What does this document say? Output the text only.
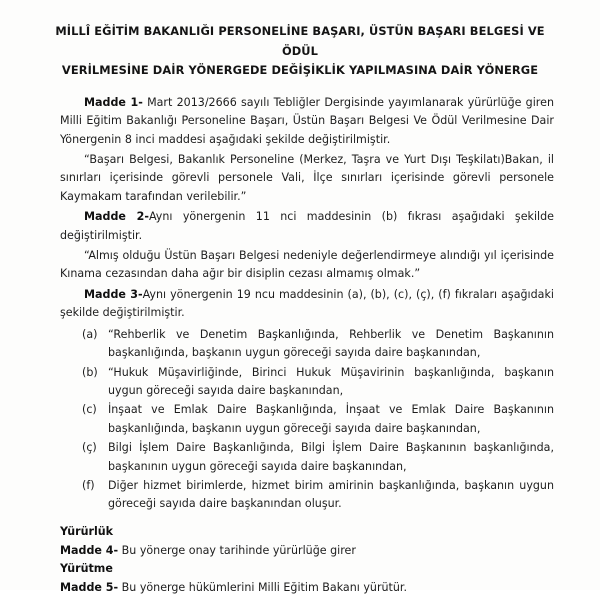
MİLLÎ EĞİTİM BAKANLIĞI PERSONELİNE BAŞARI, ÜSTÜN BAŞARI BELGESİ VE ÖDÜL
VERİLMESİNE DAİR YÖNERGEDE DEĞİŞİKLİK YAPILMASINA DAİR YÖNERGE

Madde 1- Mart 2013/2666 sayılı Tebliğler Dergisinde yayımlanarak yürürlüğe giren Milli Eğitim Bakanlığı Personeline Başarı, Üstün Başarı Belgesi Ve Ödül Verilmesine Dair Yönergenin 8 inci maddesi aşağıdaki şekilde değiştirilmiştir.

“Başarı Belgesi, Bakanlık Personeline (Merkez, Taşra ve Yurt Dışı Teşkilatı)Bakan, il sınırları içerisinde görevli personele Vali, İlçe sınırları içerisinde görevli personele Kaymakam tarafından verilebilir.”

Madde 2-Aynı yönergenin 11 nci maddesinin (b) fıkrası aşağıdaki şekilde değiştirilmiştir.

“Almış olduğu Üstün Başarı Belgesi nedeniyle değerlendirmeye alındığı yıl içerisinde Kınama cezasından daha ağır bir disiplin cezası almamış olmak.”

Madde 3-Aynı yönergenin 19 ncu maddesinin (a), (b), (c), (ç), (f) fıkraları aşağıdaki şekilde değiştirilmiştir.

(a) “Rehberlik ve Denetim Başkanlığında, Rehberlik ve Denetim Başkanının başkanlığında, başkanın uygun göreceği sayıda daire başkanından,
(b) “Hukuk Müşavirliğinde, Birinci Hukuk Müşavirinin başkanlığında, başkanın uygun göreceği sayıda daire başkanından,
(c)	İnşaat ve Emlak Daire Başkanlığında, İnşaat ve Emlak Daire Başkanının başkanlığında, başkanın uygun göreceği sayıda daire başkanından,
(ç)	Bilgi İşlem Daire Başkanlığında, Bilgi İşlem Daire Başkanının başkanlığında, başkanının uygun göreceği sayıda daire başkanından,
(f)	Diğer hizmet birimlerde, hizmet birim amirinin başkanlığında, başkanın uygun göreceği sayıda daire başkanından oluşur.

Yürürlük

Madde 4- Bu yönerge onay tarihinde yürürlüğe girer

Yürütme

Madde 5- Bu yönerge hükümlerini Milli Eğitim Bakanı yürütür.
